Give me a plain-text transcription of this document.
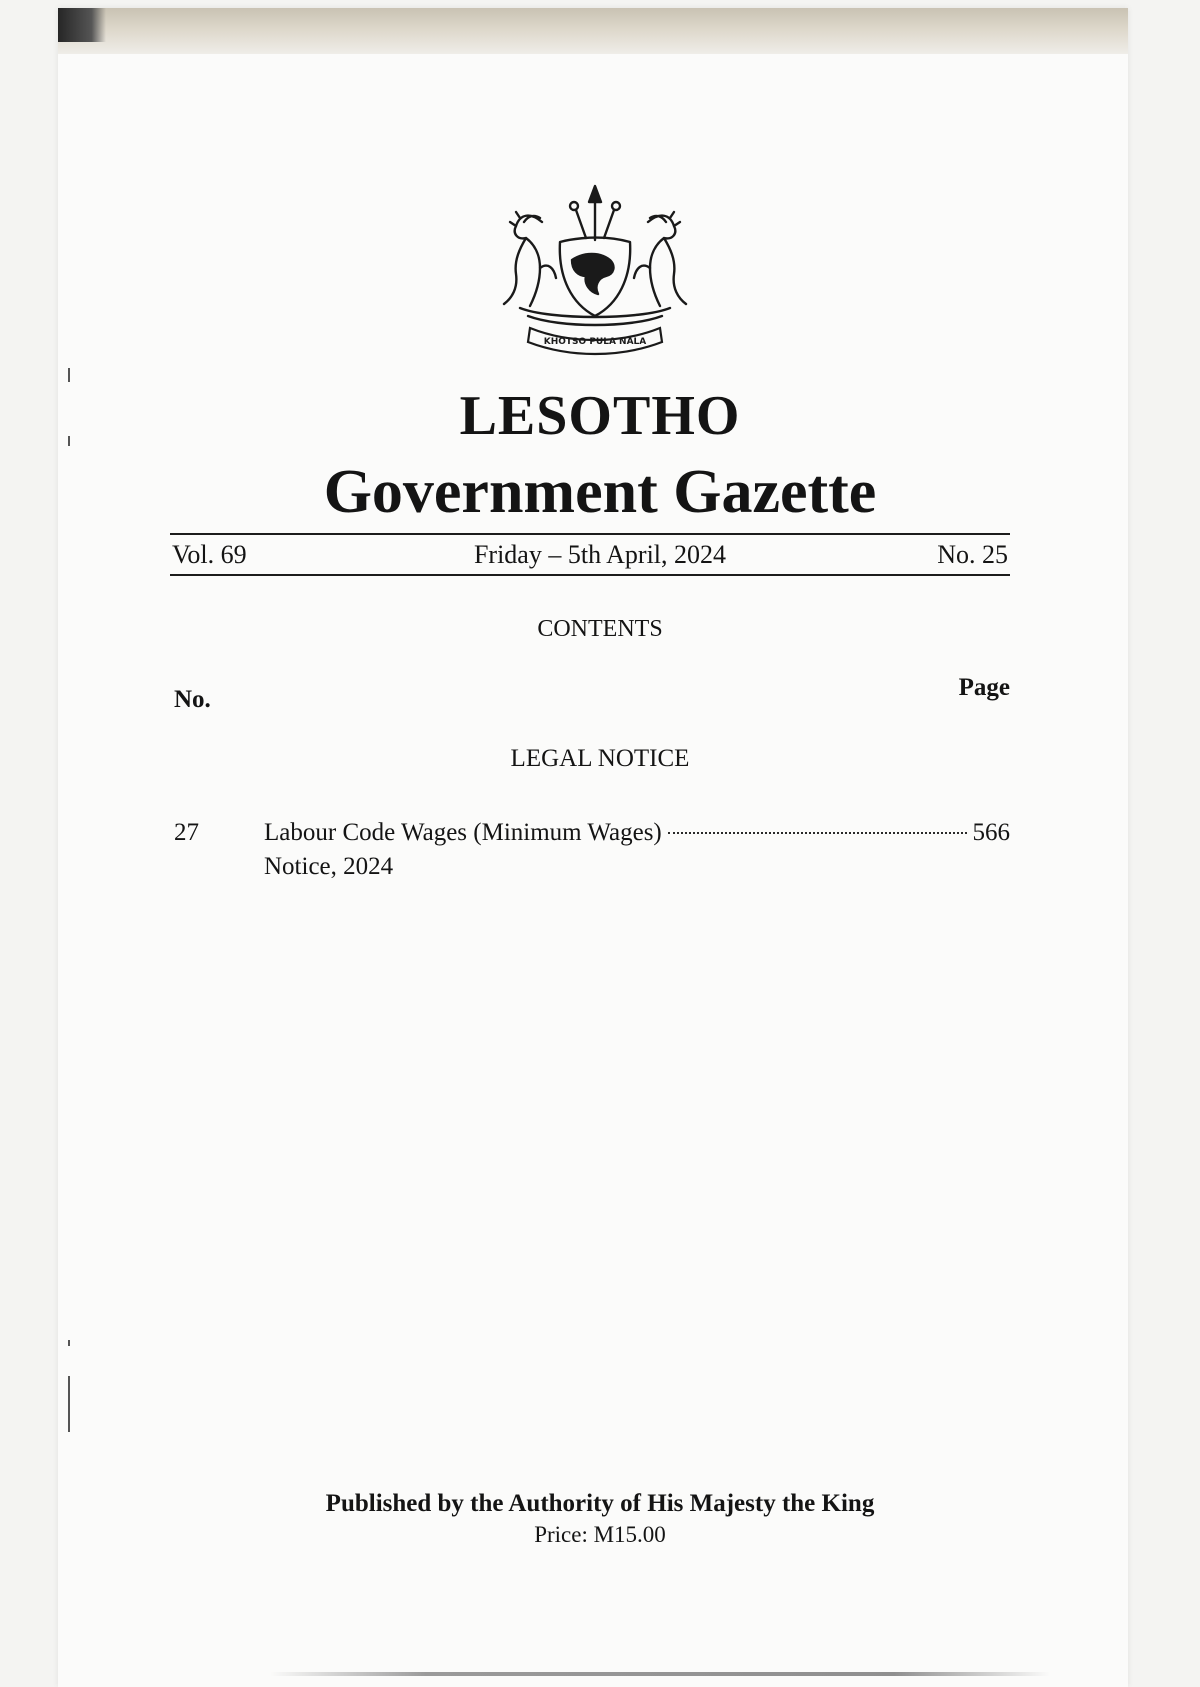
KHOTSO PULA NALA
LESOTHO
Government Gazette
Friday – 5th April, 2024
Vol. 69	No. 25
CONTENTS
No.	Page
LEGAL NOTICE
27	Labour Code Wages (Minimum Wages)	566
Notice, 2024
Published by the Authority of His Majesty the King
Price: M15.00
